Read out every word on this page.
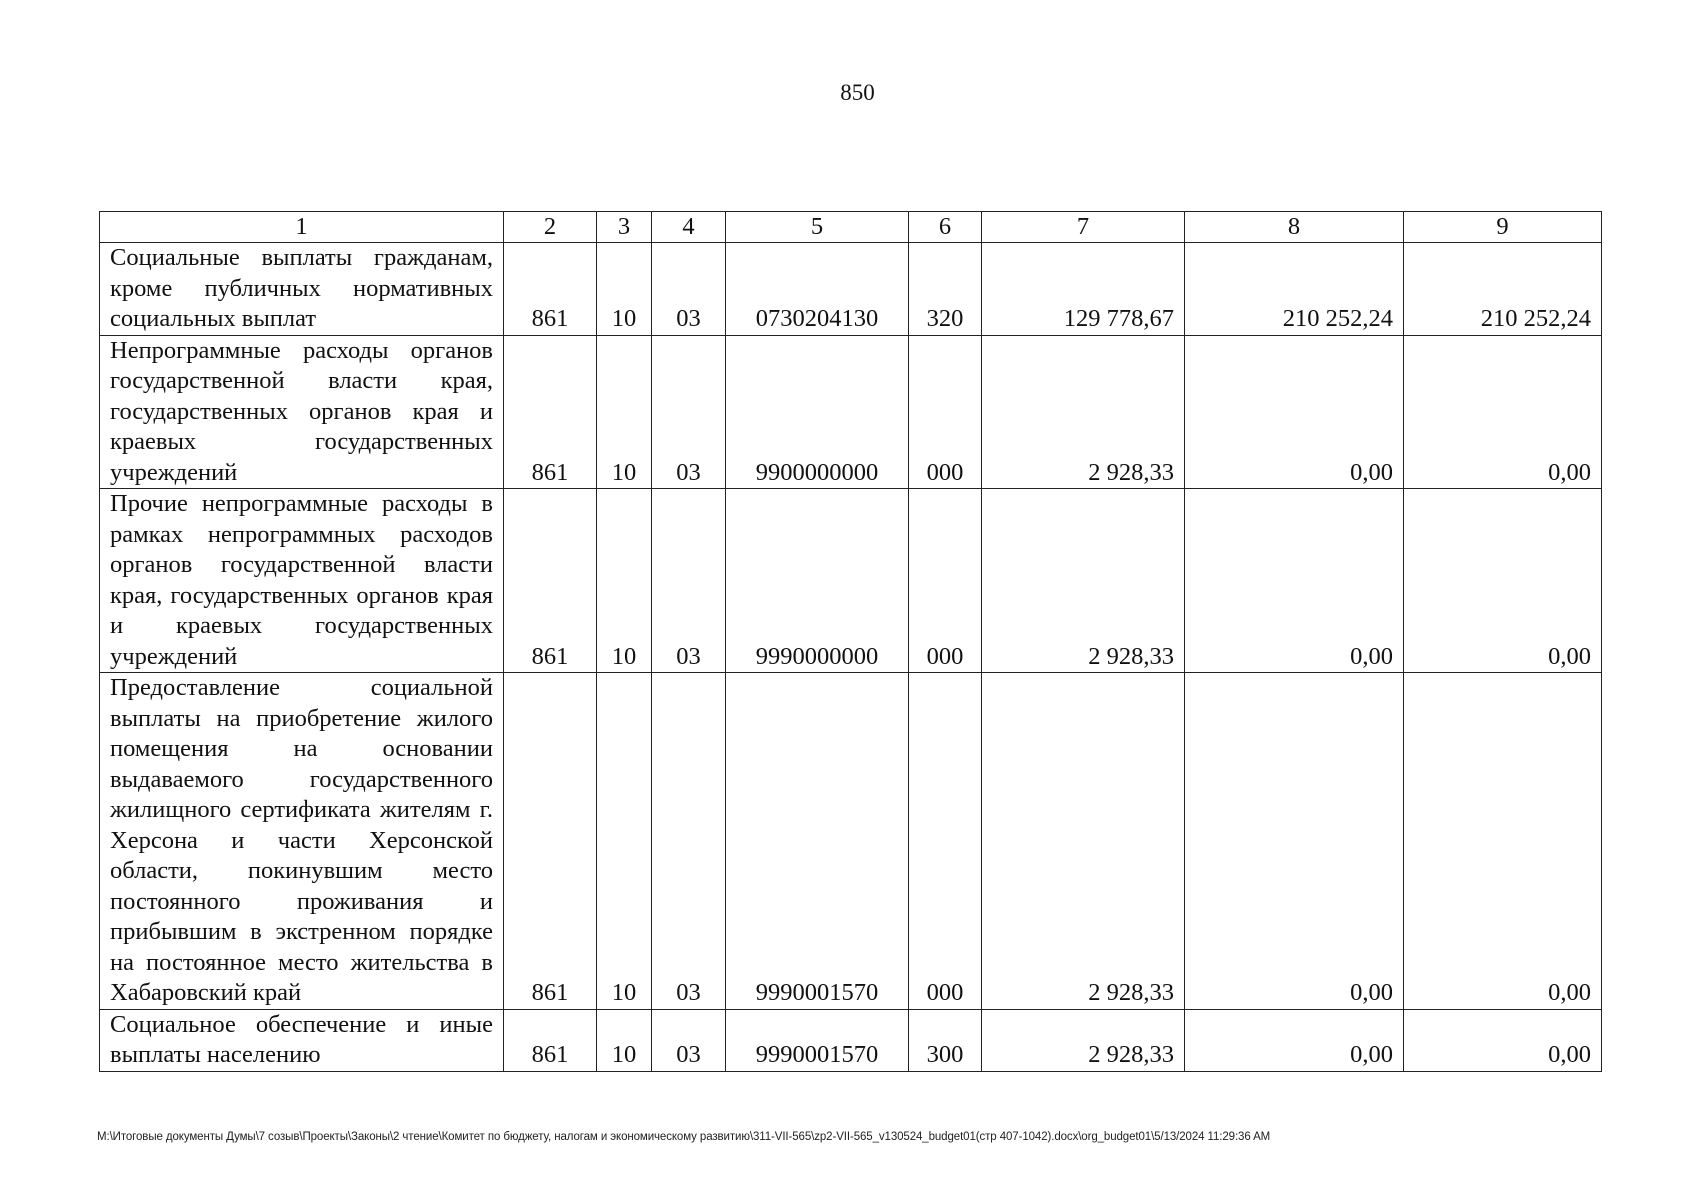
850
1	2	3	4	5	6	7	8	9
Социальные выплаты гражданам, кроме публичных нормативных социальных выплат	861	10	03	0730204130	320	129 778,67	210 252,24	210 252,24
Непрограммные расходы органов государственной власти края, государственных органов края и краевых государственных учреждений	861	10	03	9900000000	000	2 928,33	0,00	0,00
Прочие непрограммные расходы в рамках непрограммных расходов органов государственной власти края, государственных органов края и краевых государственных учреждений	861	10	03	9990000000	000	2 928,33	0,00	0,00
Предоставление социальной выплаты на приобретение жилого помещения на основании выдаваемого государственного жилищного сертификата жителям г. Херсона и части Херсонской области, покинувшим место постоянного проживания и прибывшим в экстренном порядке на постоянное место жительства в Хабаровский край	861	10	03	9990001570	000	2 928,33	0,00	0,00
Социальное обеспечение и иные выплаты населению	861	10	03	9990001570	300	2 928,33	0,00	0,00
M:\Итоговые документы Думы\7 созыв\Проекты\Законы\2 чтение\Комитет по бюджету, налогам и экономическому развитию\311-VII-565\zp2-VII-565_v130524_budget01(стр 407-1042).docx\org_budget01\5/13/2024 11:29:36 AM
